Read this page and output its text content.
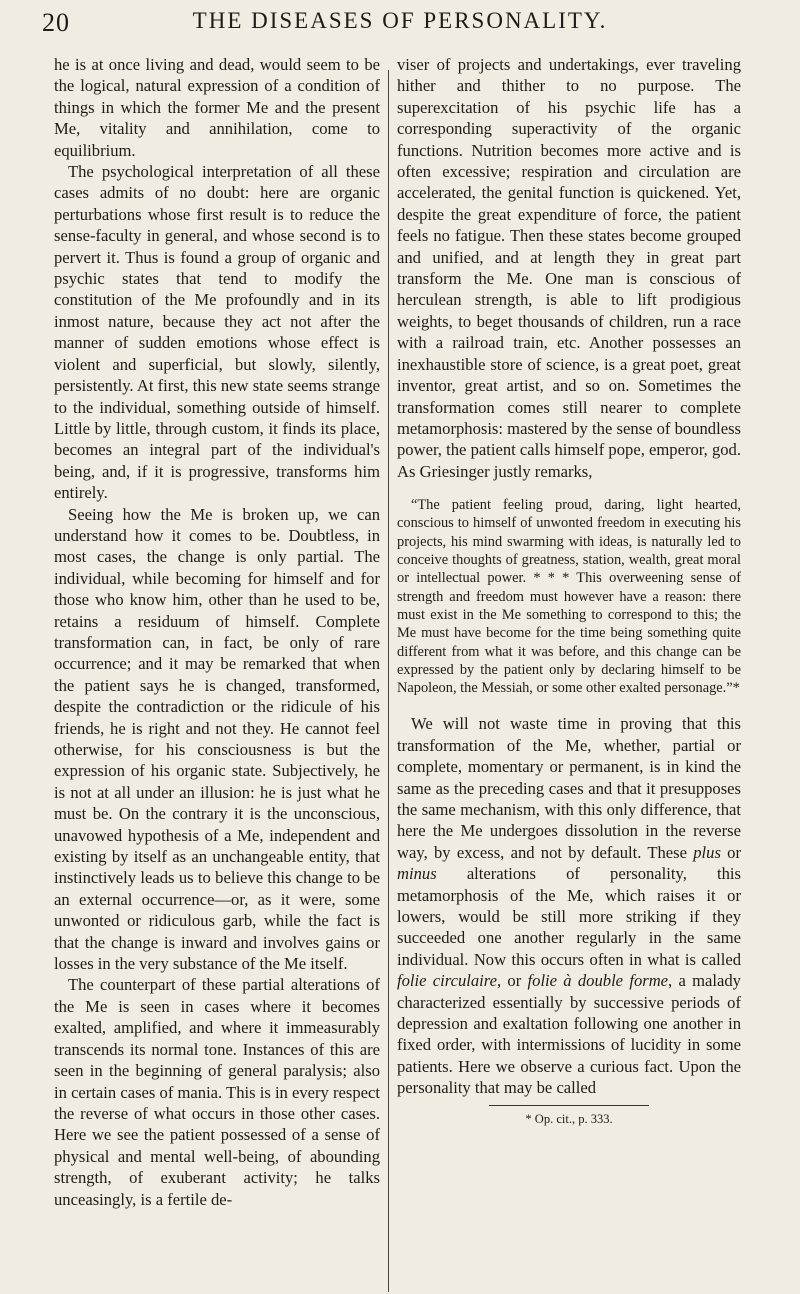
20	THE DISEASES OF PERSONALITY.

he is at once living and dead, would seem to be the logical, natural expression of a condition of things in which the former Me and the present Me, vitality and annihilation, come to equilibrium.

The psychological interpretation of all these cases admits of no doubt: here are organic perturbations whose first result is to reduce the sense-faculty in general, and whose second is to pervert it. Thus is found a group of organic and psychic states that tend to modify the constitution of the Me profoundly and in its inmost nature, because they act not after the manner of sudden emotions whose effect is violent and superficial, but slowly, silently, persistently. At first, this new state seems strange to the individual, something outside of himself. Little by little, through custom, it finds its place, becomes an integral part of the individual's being, and, if it is progressive, transforms him entirely.

Seeing how the Me is broken up, we can understand how it comes to be. Doubtless, in most cases, the change is only partial. The individual, while becoming for himself and for those who know him, other than he used to be, retains a residuum of himself. Complete transformation can, in fact, be only of rare occurrence; and it may be remarked that when the patient says he is changed, transformed, despite the contradiction or the ridicule of his friends, he is right and not they. He cannot feel otherwise, for his consciousness is but the expression of his organic state. Subjectively, he is not at all under an illusion: he is just what he must be. On the contrary it is the unconscious, unavowed hypothesis of a Me, independent and existing by itself as an unchangeable entity, that instinctively leads us to believe this change to be an external occurrence—or, as it were, some unwonted or ridiculous garb, while the fact is that the change is inward and involves gains or losses in the very substance of the Me itself.

The counterpart of these partial alterations of the Me is seen in cases where it becomes exalted, amplified, and where it immeasurably transcends its normal tone. Instances of this are seen in the beginning of general paralysis; also in certain cases of mania. This is in every respect the reverse of what occurs in those other cases. Here we see the patient possessed of a sense of physical and mental well-being, of abounding strength, of exuberant activity; he talks unceasingly, is a fertile de-

viser of projects and undertakings, ever traveling hither and thither to no purpose. The superexcitation of his psychic life has a corresponding superactivity of the organic functions. Nutrition becomes more active and is often excessive; respiration and circulation are accelerated, the genital function is quickened. Yet, despite the great expenditure of force, the patient feels no fatigue. Then these states become grouped and unified, and at length they in great part transform the Me. One man is conscious of herculean strength, is able to lift prodigious weights, to beget thousands of children, run a race with a railroad train, etc. Another possesses an inexhaustible store of science, is a great poet, great inventor, great artist, and so on. Sometimes the transformation comes still nearer to complete metamorphosis: mastered by the sense of boundless power, the patient calls himself pope, emperor, god. As Griesinger justly remarks,

“The patient feeling proud, daring, light hearted, conscious to himself of unwonted freedom in executing his projects, his mind swarming with ideas, is naturally led to conceive thoughts of greatness, station, wealth, great moral or intellectual power. * * * This overweening sense of strength and freedom must however have a reason: there must exist in the Me something to correspond to this; the Me must have become for the time being something quite different from what it was before, and this change can be expressed by the patient only by declaring himself to be Napoleon, the Messiah, or some other exalted personage.”*

We will not waste time in proving that this transformation of the Me, whether, partial or complete, momentary or permanent, is in kind the same as the preceding cases and that it presupposes the same mechanism, with this only difference, that here the Me undergoes dissolution in the reverse way, by excess, and not by default. These plus or minus alterations of personality, this metamorphosis of the Me, which raises it or lowers, would be still more striking if they succeeded one another regularly in the same individual. Now this occurs often in what is called folie circulaire, or folie à double forme, a malady characterized essentially by successive periods of depression and exaltation following one another in fixed order, with intermissions of lucidity in some patients. Here we observe a curious fact. Upon the personality that may be called

* Op. cit., p. 333.
